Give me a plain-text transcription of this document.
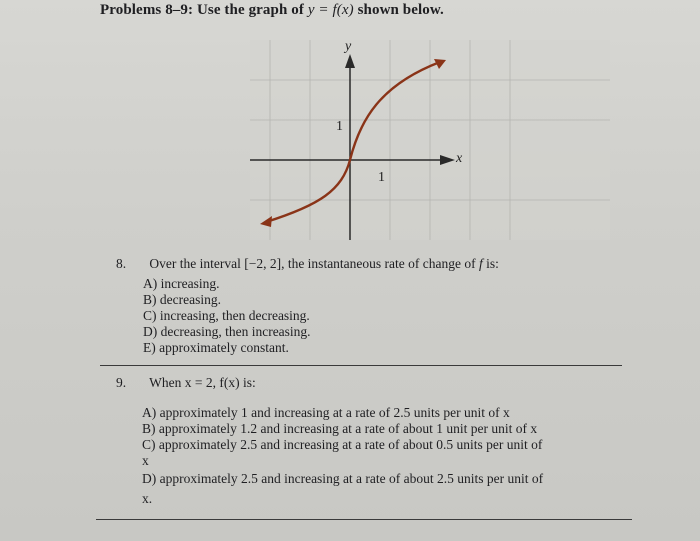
Problems 8–9: Use the graph of y = f(x) shown below.
y
x
1
1
8. Over the interval [−2, 2], the instantaneous rate of change of f is:
A) increasing.
B) decreasing.
C) increasing, then decreasing.
D) decreasing, then increasing.
E) approximately constant.
9. When x = 2, f(x) is:
A) approximately 1 and increasing at a rate of 2.5 units per unit of x
B) approximately 1.2 and increasing at a rate of about 1 unit per unit of x
C) approximately 2.5 and increasing at a rate of about 0.5 units per unit of
x
D) approximately 2.5 and increasing at a rate of about 2.5 units per unit of
x.
